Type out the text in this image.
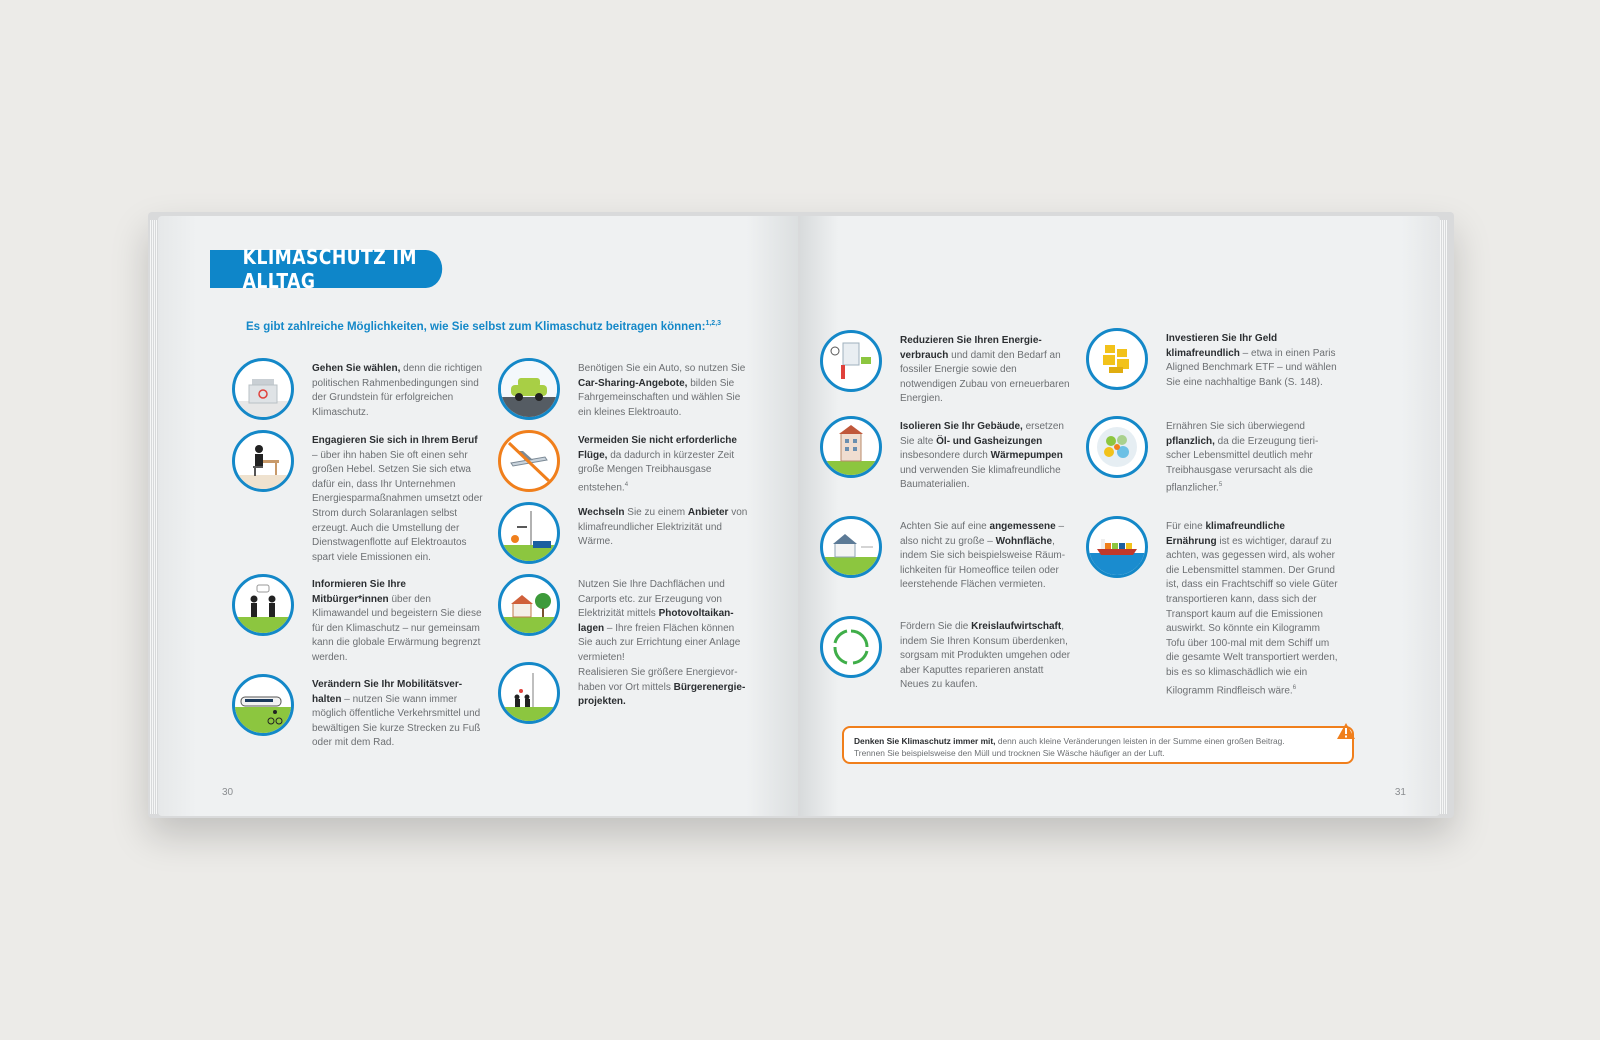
KLIMASCHUTZ IM ALLTAG
Es gibt zahlreiche Möglichkeiten, wie Sie selbst zum Klimaschutz beitragen können:$^{1,2,3}$
Gehen Sie wählen, denn die richtigen politischen Rahmenbedingungen sind der Grundstein für erfolgreichen Klimaschutz.
Engagieren Sie sich in Ihrem Beruf – über ihn haben Sie oft einen sehr großen Hebel. Setzen Sie sich etwa dafür ein, dass Ihr Unternehmen Energiesparmaßnahmen umsetzt oder Strom durch Solaranlagen selbst erzeugt. Auch die Umstellung der Dienstwagenflotte auf Elektroautos spart viele Emissionen ein.
Informieren Sie Ihre Mitbürger*innen über den Klimawandel und begeistern Sie diese für den Klimaschutz – nur gemeinsam kann die globale Erwärmung begrenzt werden.
Verändern Sie Ihr Mobilitätsverhalten – nutzen Sie wann immer möglich öffentliche Verkehrsmittel und bewältigen Sie kurze Strecken zu Fuß oder mit dem Rad.
Benötigen Sie ein Auto, so nutzen Sie Car-Sharing-Angebote, bilden Sie Fahrgemeinschaften und wählen Sie ein kleines Elektroauto.
Vermeiden Sie nicht erforderliche Flüge, da dadurch in kürzester Zeit große Mengen Treibhausgase entstehen.$^4$
Wechseln Sie zu einem Anbieter von klimafreundlicher Elektrizität und Wärme.
Nutzen Sie Ihre Dachflächen und Carports etc. zur Erzeugung von Elektrizität mittels Photovoltaikanlagen – Ihre freien Flächen können Sie auch zur Errichtung einer Anlage vermieten!
Realisieren Sie größere Energievorhaben vor Ort mittels Bürgerenergieprojekten.
30
Reduzieren Sie Ihren Energieverbrauch und damit den Bedarf an fossiler Energie sowie den notwendigen Zubau von erneuerbaren Energien.
Isolieren Sie Ihr Gebäude, ersetzen Sie alte Öl- und Gasheizungen insbesondere durch Wärmepumpen und verwenden Sie klimafreundliche Baumaterialien.
Achten Sie auf eine angemessene – also nicht zu große – Wohnfläche, indem Sie sich beispielsweise Räumlichkeiten für Homeoffice teilen oder leerstehende Flächen vermieten.
Fördern Sie die Kreislaufwirtschaft, indem Sie Ihren Konsum überdenken, sorgsam mit Produkten umgehen oder aber Kaputtes reparieren anstatt Neues zu kaufen.
Investieren Sie Ihr Geld klimafreundlich – etwa in einen Paris Aligned Benchmark ETF – und wählen Sie eine nachhaltige Bank (S. 148).
Ernähren Sie sich überwiegend pflanzlich, da die Erzeugung tierischer Lebensmittel deutlich mehr Treibhausgase verursacht als die pflanzlicher.$^5$
Für eine klimafreundliche Ernährung ist es wichtiger, darauf zu achten, was gegessen wird, als woher die Lebensmittel stammen. Der Grund ist, dass ein Frachtschiff so viele Güter transportieren kann, dass sich der Transport kaum auf die Emissionen auswirkt. So könnte ein Kilogramm Tofu über 100-mal mit dem Schiff um die gesamte Welt transportiert werden, bis es so klimaschädlich wie ein Kilogramm Rindfleisch wäre.$^6$
Denken Sie Klimaschutz immer mit, denn auch kleine Veränderungen leisten in der Summe einen großen Beitrag.
Trennen Sie beispielsweise den Müll und trocknen Sie Wäsche häufiger an der Luft.
31
